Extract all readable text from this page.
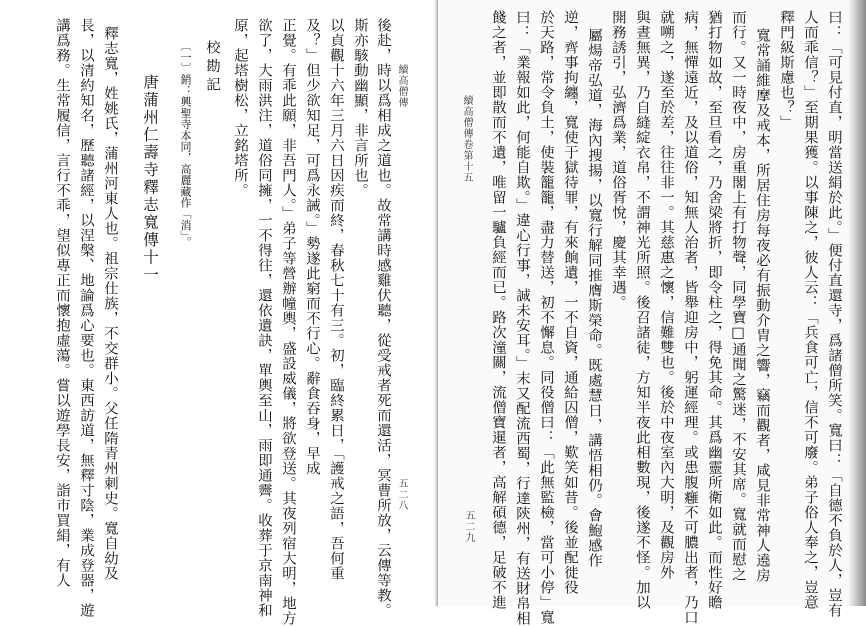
續高僧傳
五二八
後赴，時以爲相成之道也。故常講時感雞伏聽，從受戒者死而還活，冥曹所放，云傳等教。
斯亦駭動幽顯，非言所也。
以貞觀十六年三月六日因疾而終，春秋七十有三。初，臨終累日，「護戒之語，吾何重
及？」但少欲知足，可爲永誡。」勢遂此窮而不行心。辭食吞身，早成
正覺。有乖此願，非吾門人。」弟子等營辦幢輿，盛設威儀，將欲登送。其夜列宿大明，地方
欲了，大雨洪注，道俗同擁，一不得往，還依遺訣，單輿至山，雨即通霽。收葬于京南神和
原，起塔樹松，立銘塔所。
校勘記
〔一〕銷：興聖寺本同，高麗藏作「消」。
唐蒲州仁壽寺釋志寬傳十一
釋志寬，姓姚氏，蒲州河東人也。祖宗仕族，不交群小。父任隋青州刺史。寬自幼及
長，以清約知名，歷聽諸經，以涅槃、地論爲心要也。東西訪道，無釋寸陰，業成登器，遊
講爲務。生常履信，言行不乖，望似專正而懷抱虛蕩。嘗以遊學長安，詣市買絹，有人	續高僧傳卷第十五
五二九	曰：「可見付直，明當送絹於此。」便付直還寺，爲諸僧所笑。寬曰：「自德不負於人，豈有
人而乖信？」至期果獲。以事陳之，彼人云：「兵食可亡，信不可廢。弟子俗人奉之，豈意
釋門級斯慮也？」
寬常誦維摩及戒本，所居住房每夜必有振動介胄之響，竊而觀者，咸見非常神人遶房
而行。又一時夜中，房重閣上有打物聲，同學寶□通聞之驚迷，不安其席。寬就而慰之
猶打物如故，至旦看之，乃舍梁將折，即令柱之，得免其命。其爲幽靈所衛如此。而性好瞻
病，無憚遠近，及以道俗，知無人治者，皆舉迎房中，躬運經理。或患腹癰不可膿出者，乃口
就嗍之，遂至於差，往往非一。其慈惠之懷，信難雙也。後於中夜室內大明，及觀房外
與晝無異，乃自縫綻衣帛，不謂神光所照。後召諸徒，方知半夜此相數現，後遂不怪。加以
開務誘引，弘濟爲業，道俗胥悅，慶其幸遇。
屬煬帝弘道，海內搜揚，以寬行解同推膺斯榮命。既處慧日，講悟相仍。會鮑感作
逆，齊事拘纏，寬使于獄待罪，有來餉遺，一不自資，通給囚僧，歎笑如昔。後並配徙役
於天路，常令負土，使裝籠籠，盡力替送，初不懈息。同役僧曰：「此無監檢，當可小停」寬
曰：「業報如此，何能自欺。」違心行事，誠未安耳。」末又配流西蜀，行達陝州，有送財帛相
餞之者，並即散而不遺，唯留一驢負經而已。路次潼關，流僧寶暹者，高解碩德，足破不進
